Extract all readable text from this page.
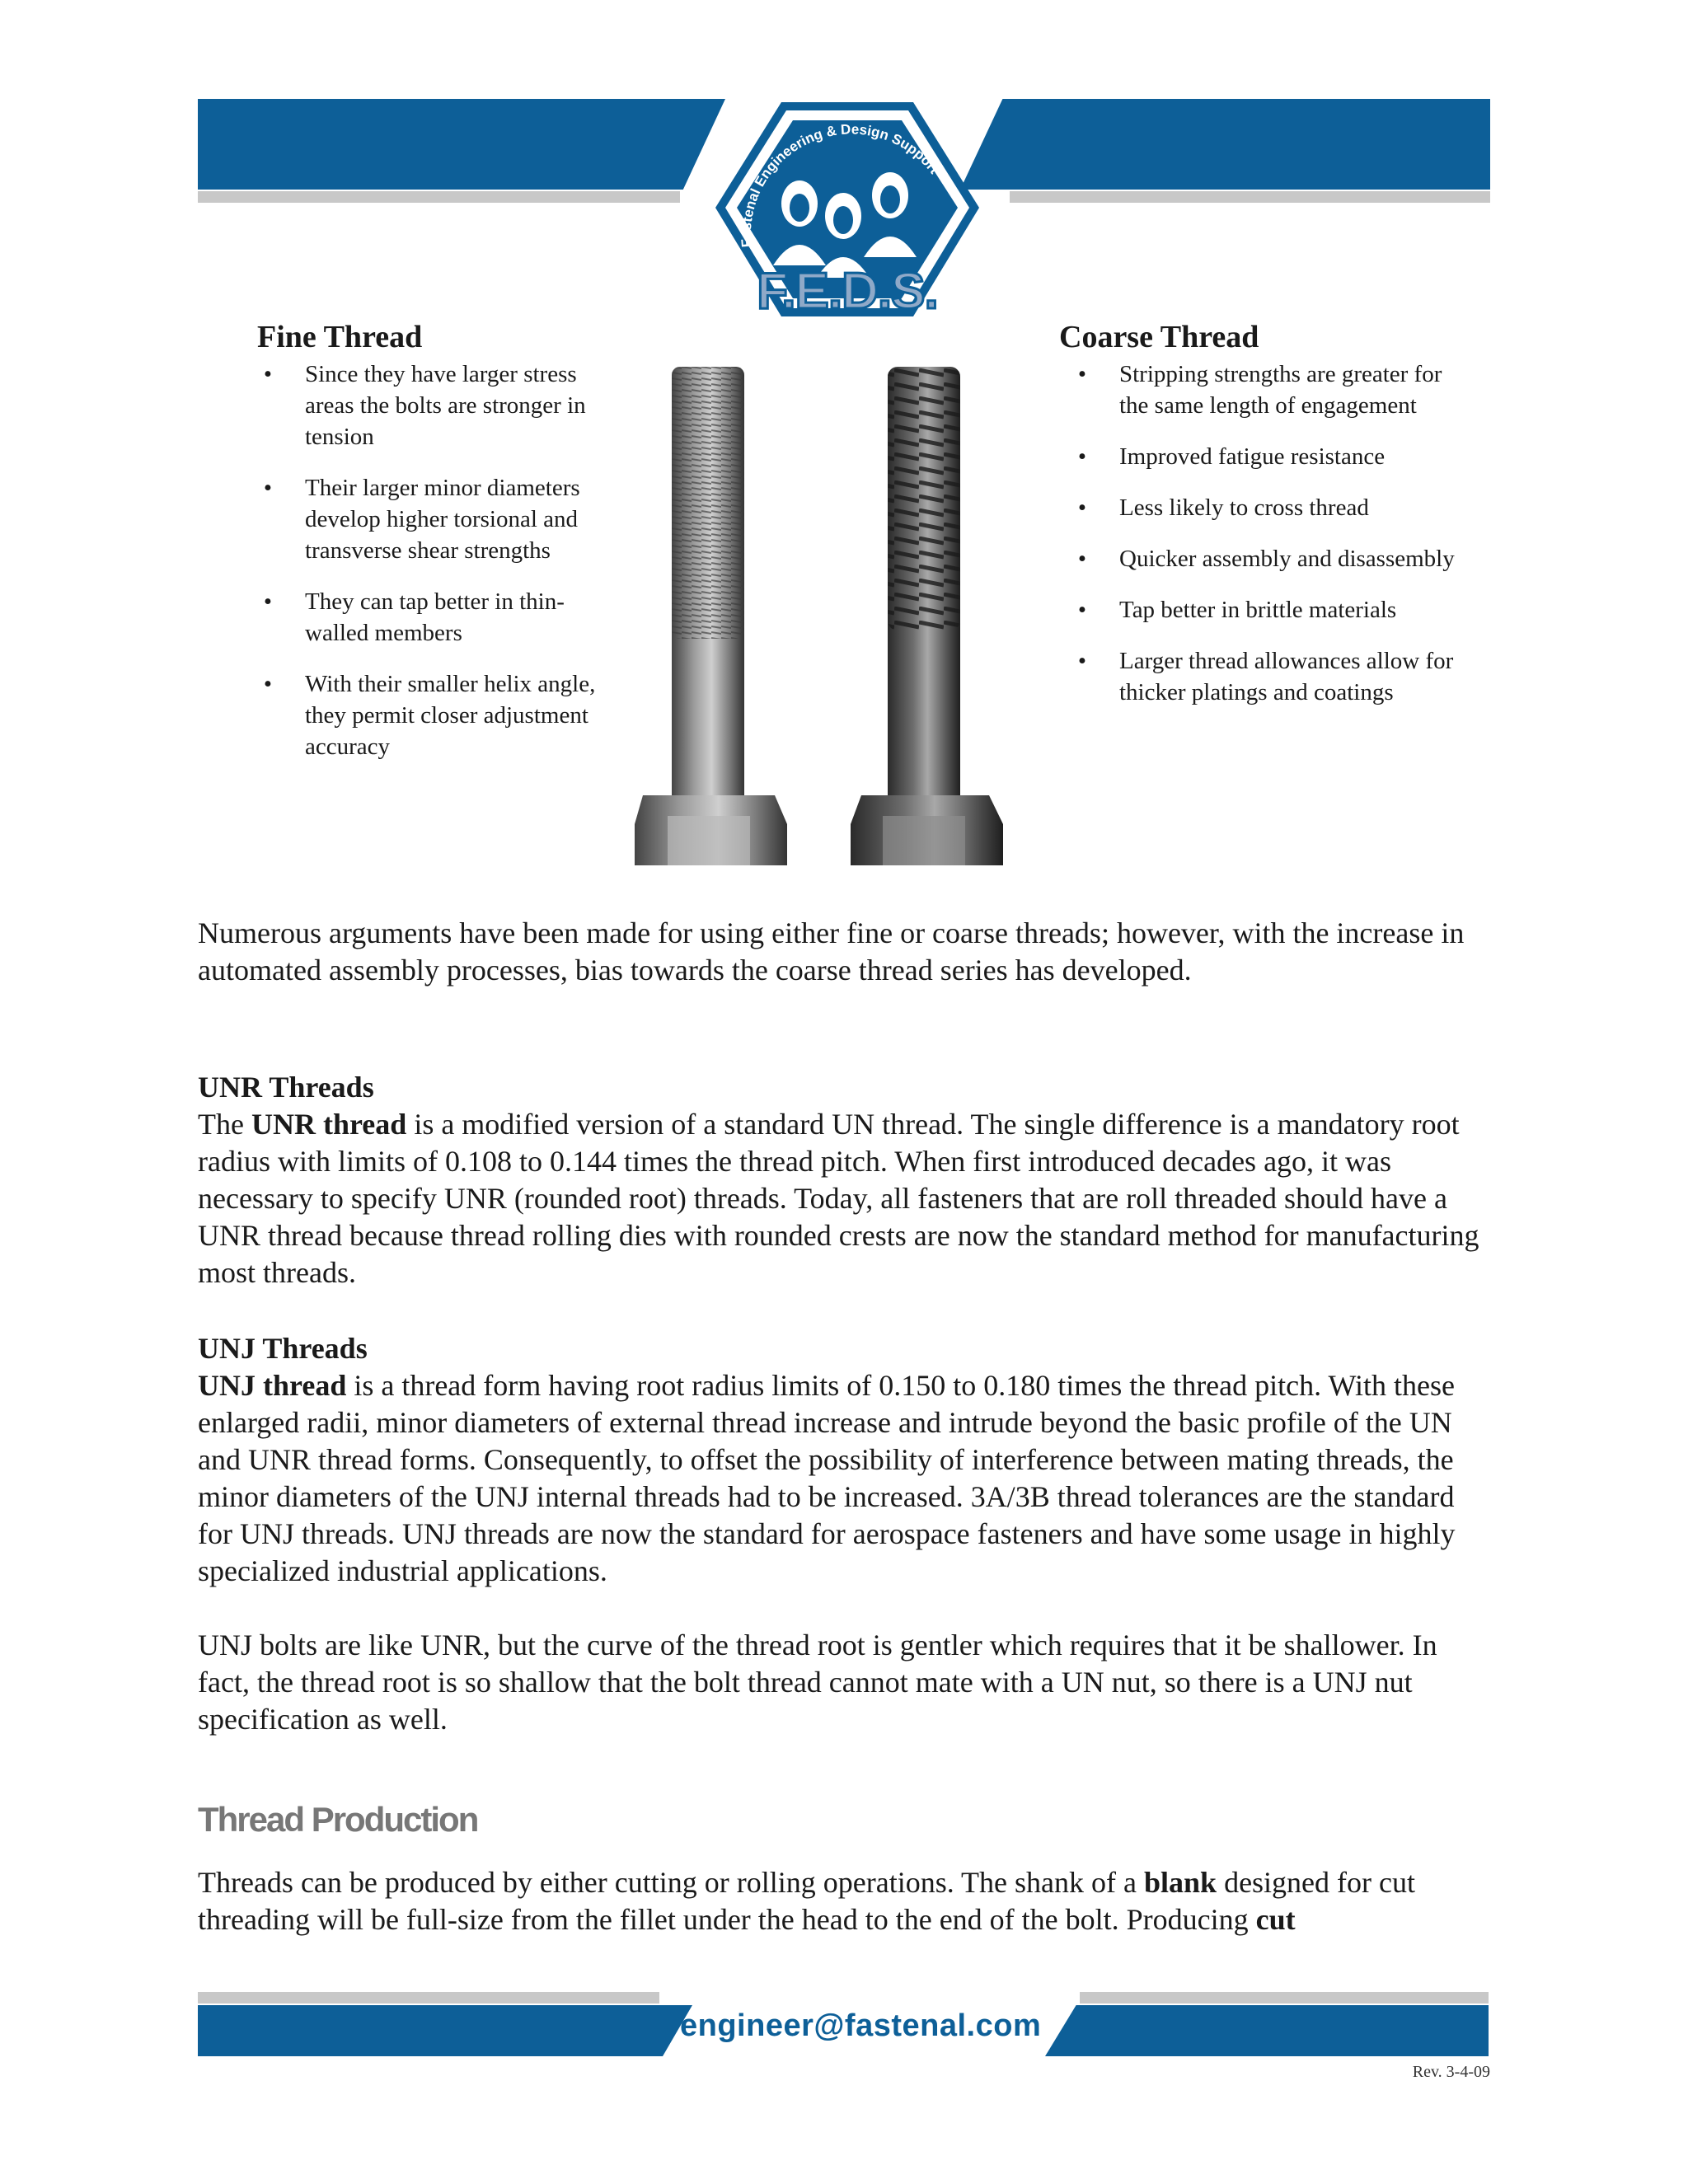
Fastenal Engineering & Design Support
F.E.D.S.
Fine Thread
•	Since they have larger stress areas the bolts are stronger in tension
•	Their larger minor diameters develop higher torsional and transverse shear strengths
•	They can tap better in thin-walled members
•	With their smaller helix angle, they permit closer adjustment accuracy
Coarse Thread
•	Stripping strengths are greater for the same length of engagement
•	Improved fatigue resistance
•	Less likely to cross thread
•	Quicker assembly and disassembly
•	Tap better in brittle materials
•	Larger thread allowances allow for thicker platings and coatings

Numerous arguments have been made for using either fine or coarse threads; however, with the increase in automated assembly processes, bias towards the coarse thread series has developed.

UNR Threads

The UNR thread is a modified version of a standard UN thread. The single difference is a mandatory root radius with limits of 0.108 to 0.144 times the thread pitch. When first introduced decades ago, it was necessary to specify UNR (rounded root) threads. Today, all fasteners that are roll threaded should have a UNR thread because thread rolling dies with rounded crests are now the standard method for manufacturing most threads.

UNJ Threads

UNJ thread is a thread form having root radius limits of 0.150 to 0.180 times the thread pitch. With these enlarged radii, minor diameters of external thread increase and intrude beyond the basic profile of the UN and UNR thread forms. Consequently, to offset the possibility of interference between mating threads, the minor diameters of the UNJ internal threads had to be increased. 3A/3B thread tolerances are the standard for UNJ threads. UNJ threads are now the standard for aerospace fasteners and have some usage in highly specialized industrial applications.

UNJ bolts are like UNR, but the curve of the thread root is gentler which requires that it be shallower. In fact, the thread root is so shallow that the bolt thread cannot mate with a UN nut, so there is a UNJ nut specification as well.

Thread Production

Threads can be produced by either cutting or rolling operations. The shank of a blank designed for cut threading will be full-size from the fillet under the head to the end of the bolt. Producing cut

engineer@fastenal.com
Rev. 3-4-09
